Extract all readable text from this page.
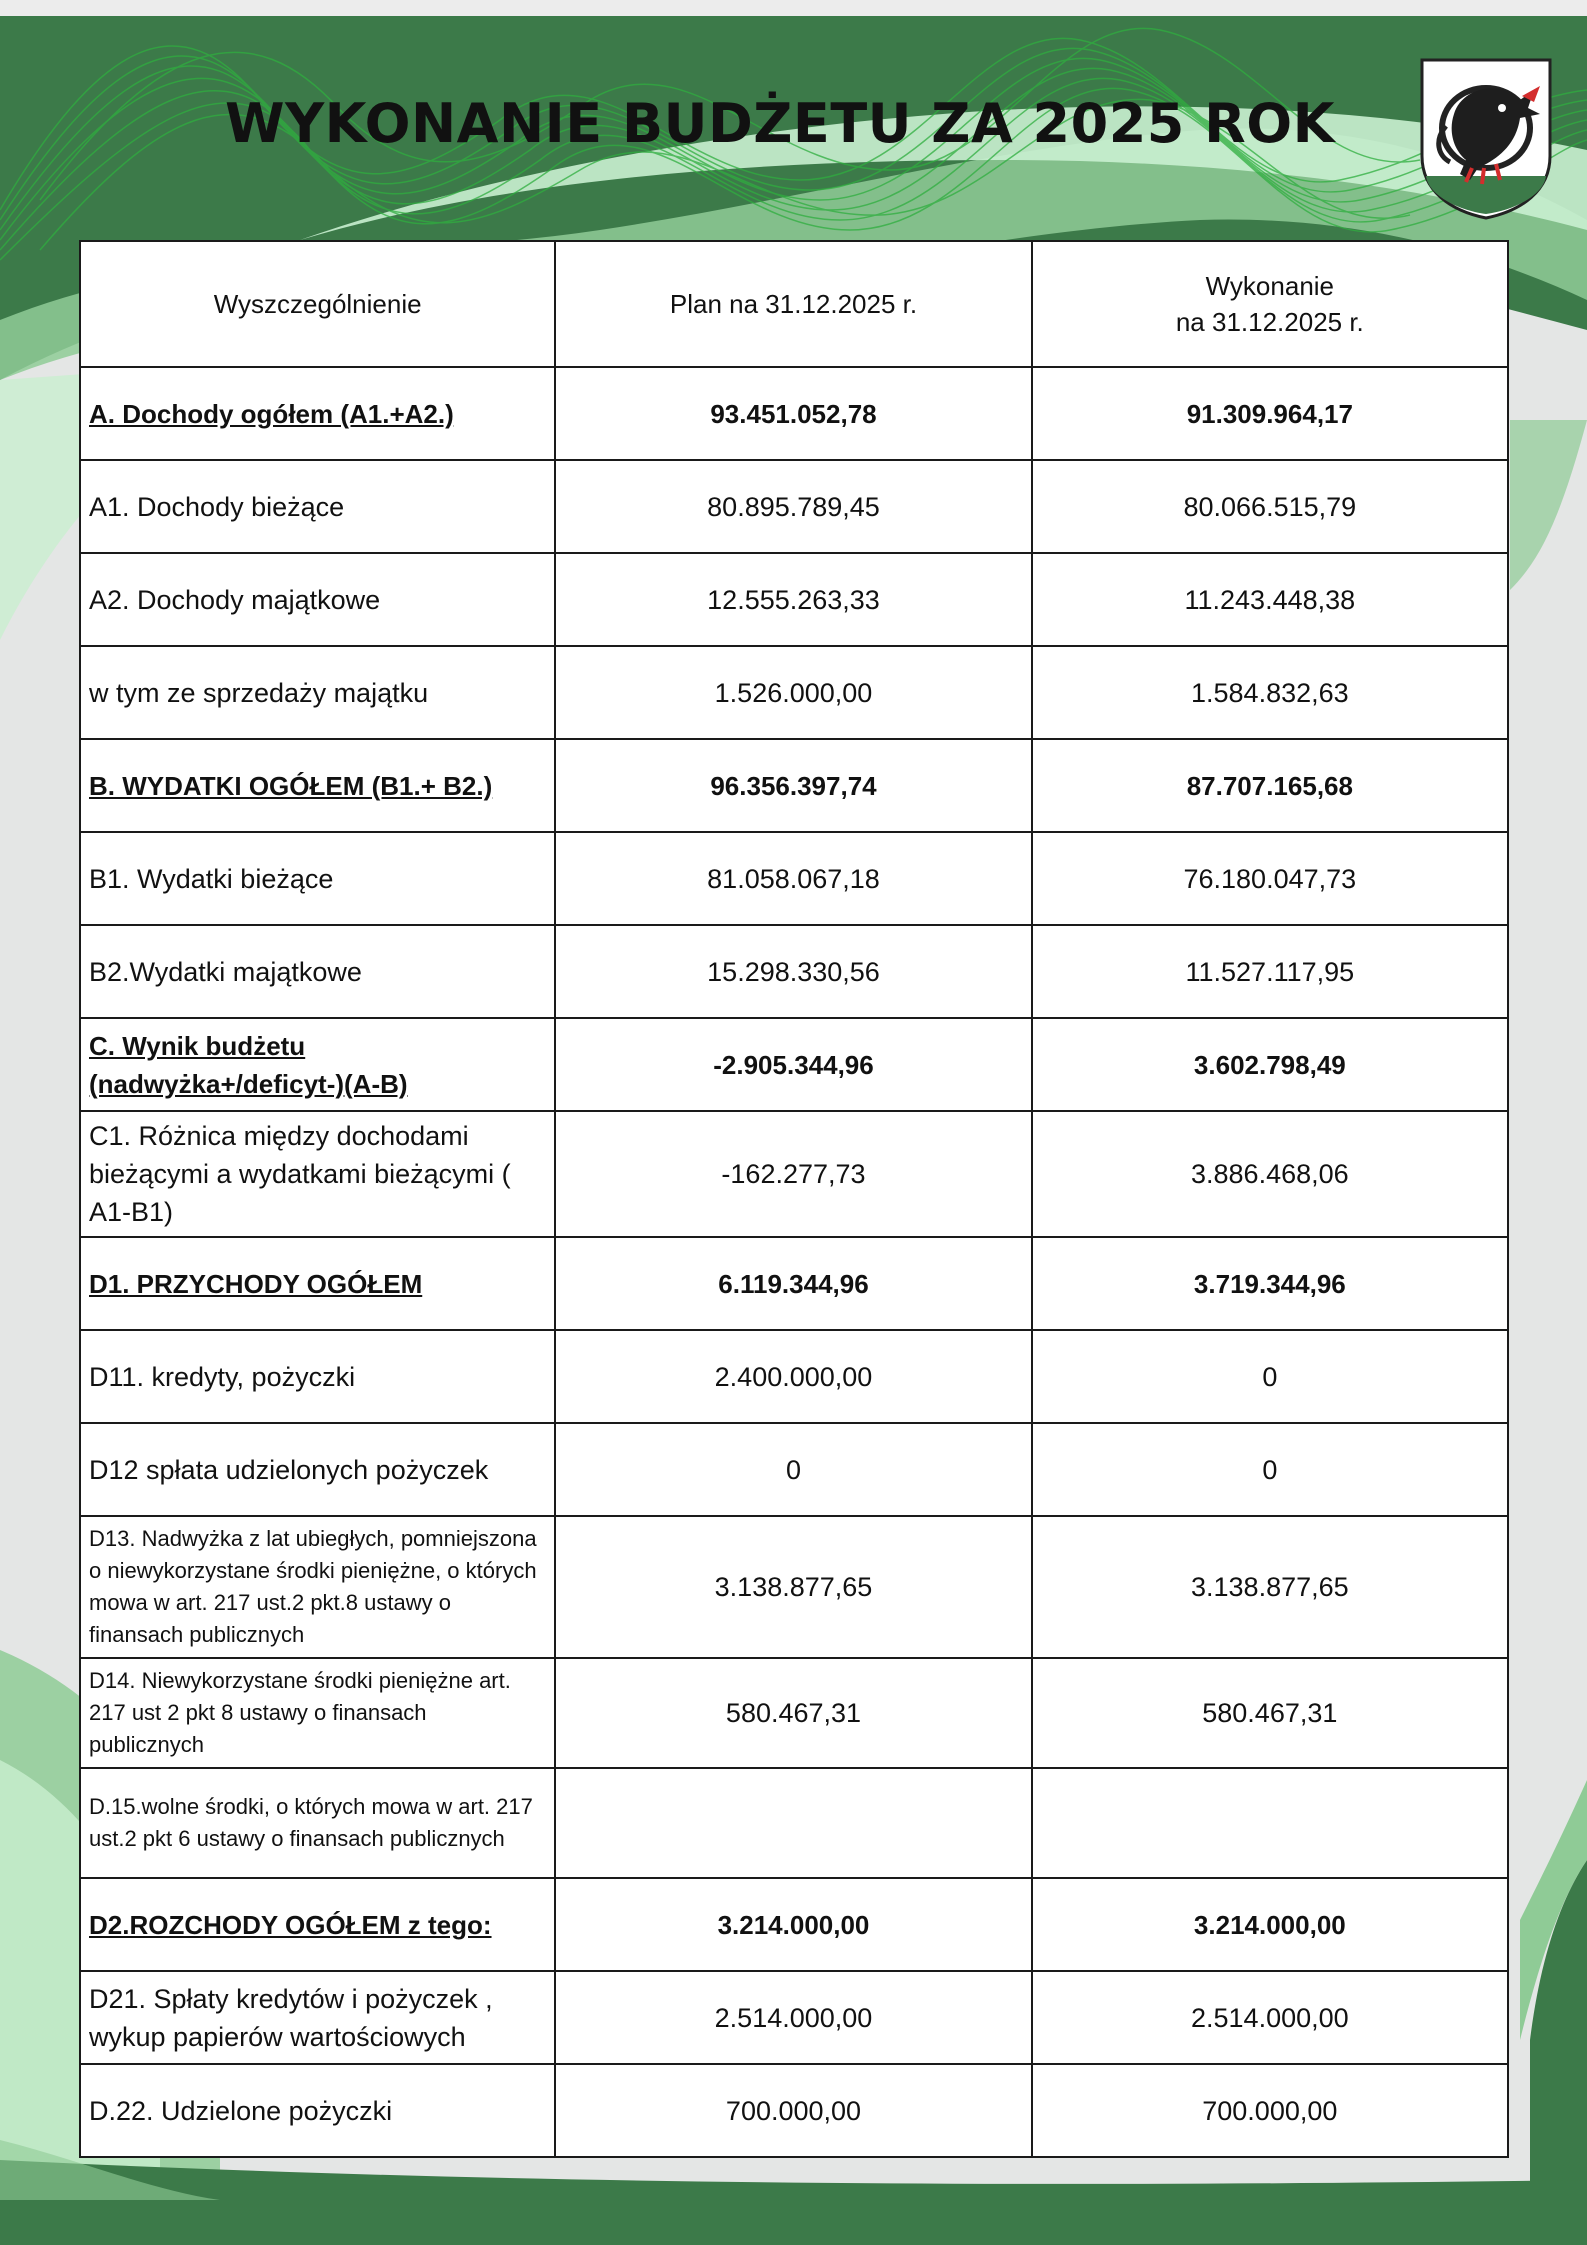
WYKONANIE BUDŻETU ZA 2025 ROK
Wyszczególnienie	Plan na 31.12.2025 r.	Wykonanie
na 31.12.2025 r.
A. Dochody ogółem (A1.+A2.)	93.451.052,78	91.309.964,17
A1. Dochody bieżące	80.895.789,45	80.066.515,79
A2. Dochody majątkowe	12.555.263,33	11.243.448,38
w tym ze sprzedaży majątku	1.526.000,00	1.584.832,63
B. WYDATKI OGÓŁEM (B1.+ B2.)	96.356.397,74	87.707.165,68
B1. Wydatki bieżące	81.058.067,18	76.180.047,73
B2.Wydatki majątkowe	15.298.330,56	11.527.117,95
C. Wynik budżetu (nadwyżka+/deficyt-)(A-B)	-2.905.344,96	3.602.798,49
C1. Różnica między dochodami bieżącymi a wydatkami bieżącymi ( A1-B1)	-162.277,73	3.886.468,06
D1. PRZYCHODY OGÓŁEM	6.119.344,96	3.719.344,96
D11. kredyty, pożyczki	2.400.000,00	0
D12 spłata udzielonych pożyczek	0	0
D13. Nadwyżka z lat ubiegłych, pomniejszona o niewykorzystane środki pieniężne, o których mowa w art. 217 ust.2 pkt.8 ustawy o finansach publicznych	3.138.877,65	3.138.877,65
D14. Niewykorzystane środki pieniężne art. 217 ust 2 pkt 8 ustawy o finansach publicznych	580.467,31	580.467,31
D.15.wolne środki, o których mowa w art. 217 ust.2 pkt 6 ustawy o finansach publicznych		
D2.ROZCHODY OGÓŁEM z tego:	3.214.000,00	3.214.000,00
D21. Spłaty kredytów i pożyczek , wykup papierów wartościowych	2.514.000,00	2.514.000,00
D.22. Udzielone pożyczki	700.000,00	700.000,00
